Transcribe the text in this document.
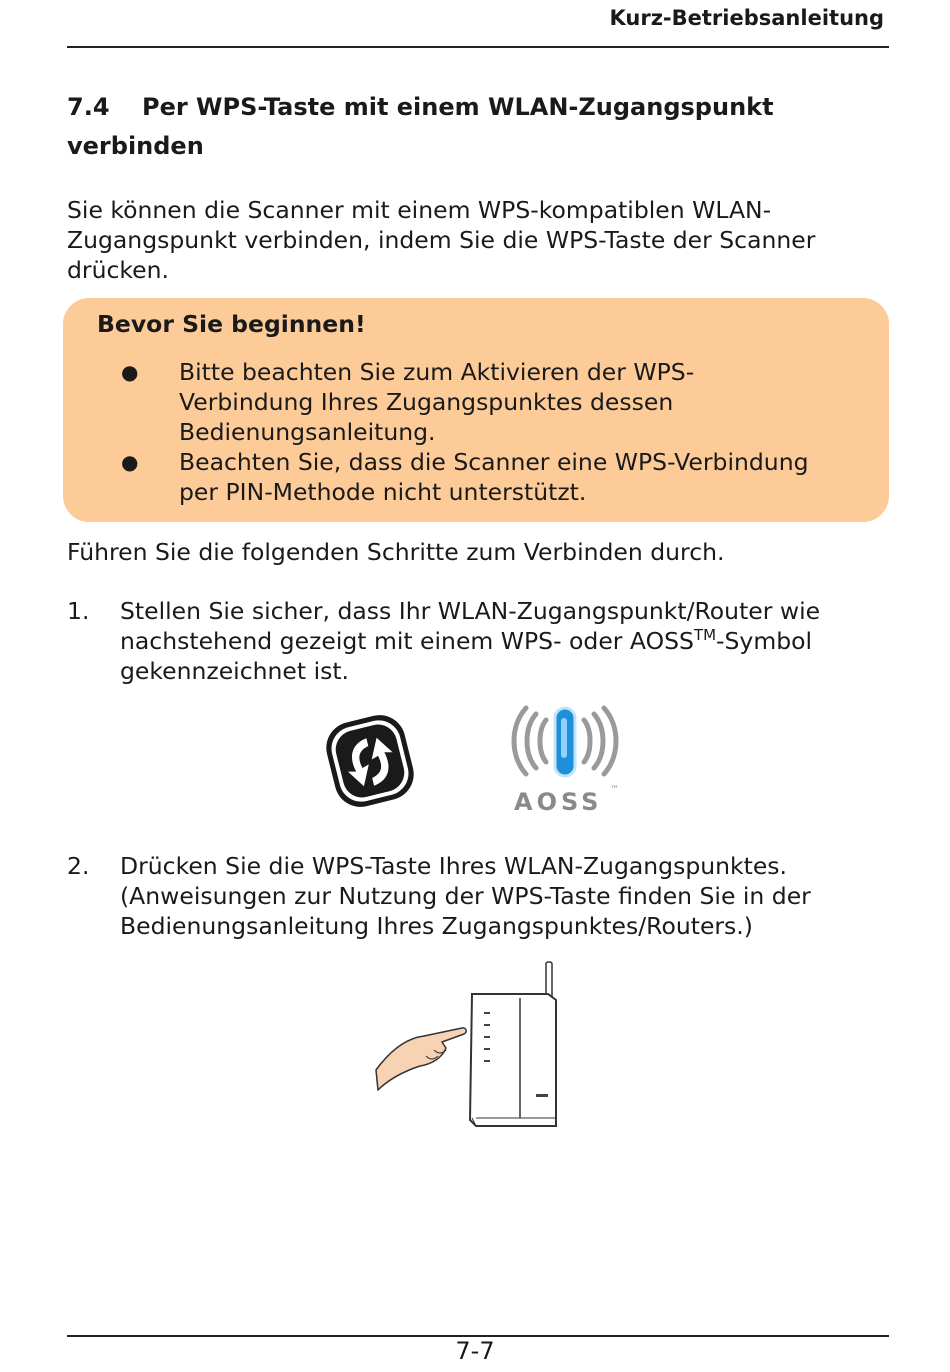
Kurz-Betriebsanleitung
7.4 Per WPS-Taste mit einem WLAN-Zugangspunkt verbinden

Sie können die Scanner mit einem WPS-kompatiblen WLAN-
Zugangspunkt verbinden, indem Sie die WPS-Taste der Scanner
drücken.

Bevor Sie beginnen!

● Bitte beachten Sie zum Aktivieren der WPS-
Verbindung Ihres Zugangspunktes dessen
Bedienungsanleitung.

● Beachten Sie, dass die Scanner eine WPS-Verbindung
per PIN-Methode nicht unterstützt.

Führen Sie die folgenden Schritte zum Verbinden durch.

1. Stellen Sie sicher, dass Ihr WLAN-Zugangspunkt/Router wie
nachstehend gezeigt mit einem WPS- oder AOSS™-Symbol
gekennzeichnet ist.

AOSS ™
2. Drücken Sie die WPS-Taste Ihres WLAN-Zugangspunktes.
(Anweisungen zur Nutzung der WPS-Taste finden Sie in der
Bedienungsanleitung Ihres Zugangspunktes/Routers.)

7-7
